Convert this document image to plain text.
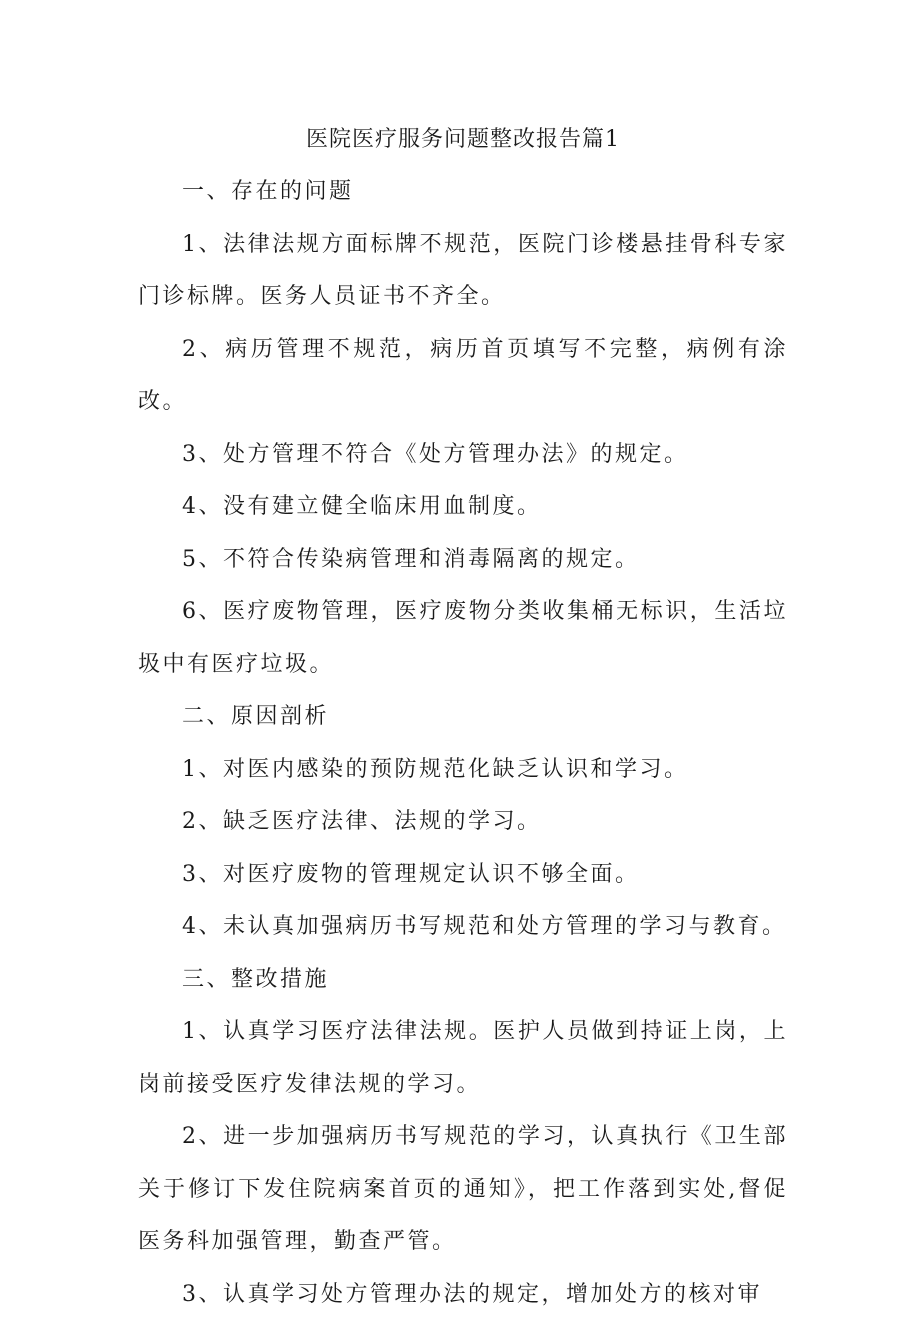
医院医疗服务问题整改报告篇1

一、存在的问题

1、法律法规方面标牌不规范，医院门诊楼悬挂骨科专家门诊标牌。医务人员证书不齐全。

2、病历管理不规范，病历首页填写不完整，病例有涂改。

3、处方管理不符合《处方管理办法》的规定。

4、没有建立健全临床用血制度。

5、不符合传染病管理和消毒隔离的规定。

6、医疗废物管理，医疗废物分类收集桶无标识，生活垃圾中有医疗垃圾。

二、原因剖析

1、对医内感染的预防规范化缺乏认识和学习。

2、缺乏医疗法律、法规的学习。

3、对医疗废物的管理规定认识不够全面。

4、未认真加强病历书写规范和处方管理的学习与教育。

三、整改措施

1、认真学习医疗法律法规。医护人员做到持证上岗，上岗前接受医疗发律法规的学习。

2、进一步加强病历书写规范的学习，认真执行《卫生部关于修订下发住院病案首页的通知》，把工作落到实处,督促医务科加强管理，勤查严管。

3、认真学习处方管理办法的规定，增加处方的核对审
